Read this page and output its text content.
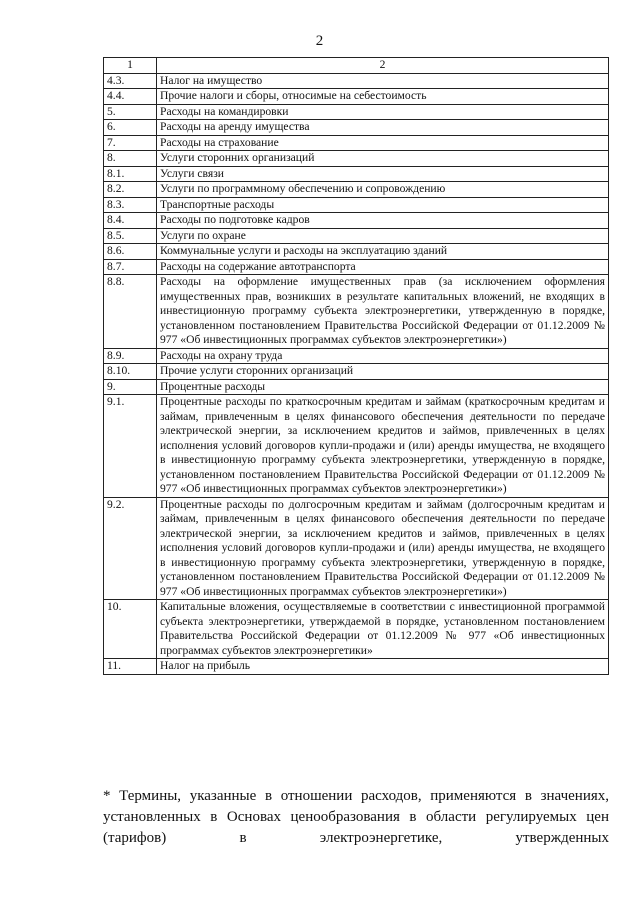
2
1	2
4.3.	Налог на имущество
4.4.	Прочие налоги и сборы, относимые на себестоимость
5.	Расходы на командировки
6.	Расходы на аренду имущества
7.	Расходы на страхование
8.	Услуги сторонних организаций
8.1.	Услуги связи
8.2.	Услуги по программному обеспечению и сопровождению
8.3.	Транспортные расходы
8.4.	Расходы по подготовке кадров
8.5.	Услуги по охране
8.6.	Коммунальные услуги и расходы на эксплуатацию зданий
8.7.	Расходы на содержание автотранспорта
8.8.	Расходы на оформление имущественных прав (за исключением оформления имущественных прав, возникших в результате капитальных вложений, не входящих в инвестиционную программу субъекта электроэнергетики, утвержденную в порядке, установленном постановлением Правительства Российской Федерации от 01.12.2009 № 977 «Об инвестиционных программах субъектов электроэнергетики»)
8.9.	Расходы на охрану труда
8.10.	Прочие услуги сторонних организаций
9.	Процентные расходы
9.1.	Процентные расходы по краткосрочным кредитам и займам (краткосрочным кредитам и займам, привлеченным в целях финансового обеспечения деятельности по передаче электрической энергии, за исключением кредитов и займов, привлеченных в целях исполнения условий договоров купли-продажи и (или) аренды имущества, не входящего в инвестиционную программу субъекта электроэнергетики, утвержденную в порядке, установленном постановлением Правительства Российской Федерации от 01.12.2009 № 977 «Об инвестиционных программах субъектов электроэнергетики»)
9.2.	Процентные расходы по долгосрочным кредитам и займам (долгосрочным кредитам и займам, привлеченным в целях финансового обеспечения деятельности по передаче электрической энергии, за исключением кредитов и займов, привлеченных в целях исполнения условий договоров купли-продажи и (или) аренды имущества, не входящего в инвестиционную программу субъекта электроэнергетики, утвержденную в порядке, установленном постановлением Правительства Российской Федерации от 01.12.2009 № 977 «Об инвестиционных программах субъектов электроэнергетики»)
10.	Капитальные вложения, осуществляемые в соответствии с инвестиционной программой субъекта электроэнергетики, утверждаемой в порядке, установленном постановлением Правительства Российской Федерации от 01.12.2009 № 977 «Об инвестиционных программах субъектов электроэнергетики»
11.	Налог на прибыль
* Термины, указанные в отношении расходов, применяются в значениях, установленных в Основах ценообразования в области регулируемых цен (тарифов) в электроэнергетике, утвержденных
